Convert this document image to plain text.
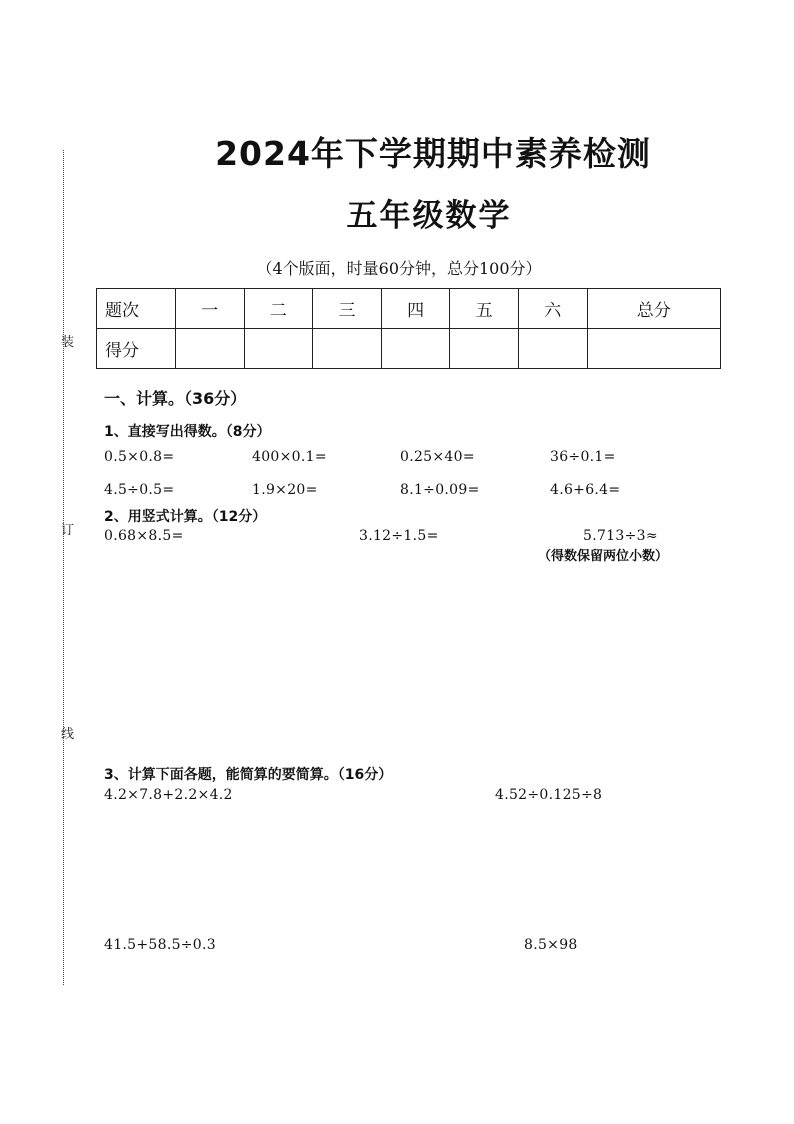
装
订
线
2024年下学期期中素养检测
五年级数学
（4个版面，时量60分钟，总分100分）
题次	一	二	三	四	五	六	总分
得分							
一、计算。（36分）
1、直接写出得数。（8分）
0.5×0.8=	400×0.1=	0.25×40=	36÷0.1=
4.5÷0.5=	1.9×20=	8.1÷0.09=	4.6+6.4=
2、用竖式计算。（12分）
0.68×8.5=	3.12÷1.5=	5.713÷3≈
（得数保留两位小数）
3、计算下面各题，能简算的要简算。（16分）
4.2×7.8+2.2×4.2	4.52÷0.125÷8
41.5+58.5÷0.3	8.5×98
